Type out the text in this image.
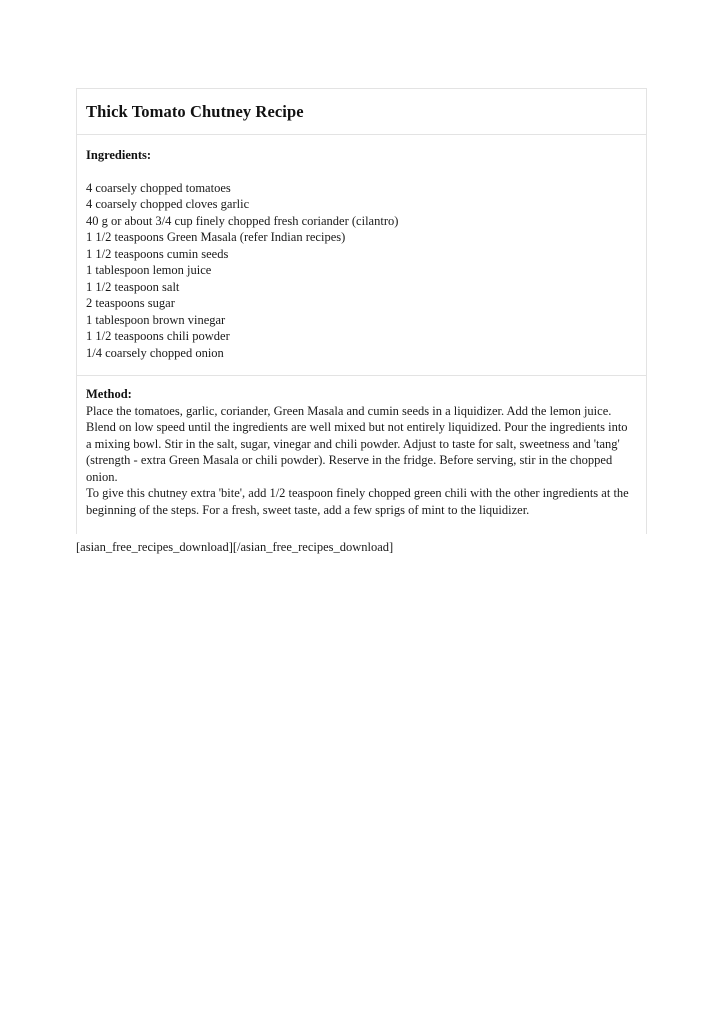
Thick Tomato Chutney Recipe
Ingredients:

4 coarsely chopped tomatoes
4 coarsely chopped cloves garlic
40 g or about 3/4 cup finely chopped fresh coriander (cilantro)
1 1/2 teaspoons Green Masala (refer Indian recipes)
1 1/2 teaspoons cumin seeds
1 tablespoon lemon juice
1 1/2 teaspoon salt
2 teaspoons sugar
1 tablespoon brown vinegar
1 1/2 teaspoons chili powder
1/4 coarsely chopped onion
Method:

Place the tomatoes, garlic, coriander, Green Masala and cumin seeds in a liquidizer. Add the lemon juice. Blend on low speed until the ingredients are well mixed but not entirely liquidized. Pour the ingredients into a mixing bowl. Stir in the salt, sugar, vinegar and chili powder. Adjust to taste for salt, sweetness and 'tang' (strength - extra Green Masala or chili powder). Reserve in the fridge. Before serving, stir in the chopped onion.

To give this chutney extra 'bite', add 1/2 teaspoon finely chopped green chili with the other ingredients at the beginning of the steps. For a fresh, sweet taste, add a few sprigs of mint to the liquidizer.

[asian_free_recipes_download][/asian_free_recipes_download]
